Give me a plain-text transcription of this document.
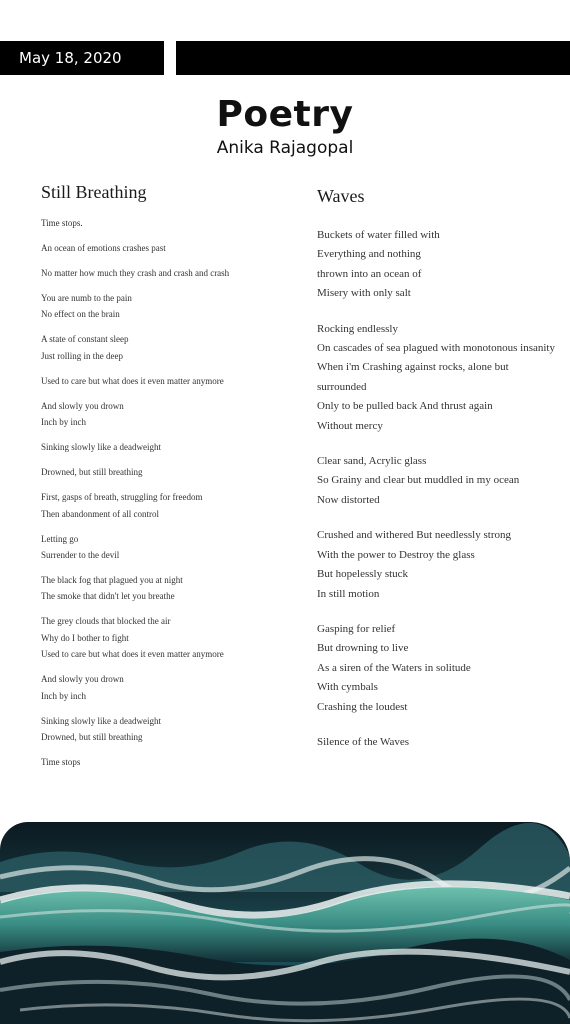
May 18, 2020
Poetry
Anika Rajagopal
Still Breathing
Time stops.
An ocean of emotions crashes past
No matter how much they crash and crash and crash
You are numb to the pain
No effect on the brain
A state of constant sleep
Just rolling in the deep
Used to care but what does it even matter anymore
And slowly you drown
Inch by inch
Sinking slowly like a deadweight
Drowned, but still breathing
First, gasps of breath, struggling for freedom
Then abandonment of all control
Letting go
Surrender to the devil
The black fog that plagued you at night
The smoke that didn't let you breathe
The grey clouds that blocked the air
Why do I bother to fight
Used to care but what does it even matter anymore
And slowly you drown
Inch by inch
Sinking slowly like a deadweight
Drowned, but still breathing
Time stops
Waves
Buckets of water filled with
Everything and nothing
thrown into an ocean of
Misery with only salt
Rocking endlessly
On cascades of sea plagued with monotonous insanity
When i'm Crashing against rocks, alone but surrounded
Only to be pulled back And thrust again
Without mercy
Clear sand, Acrylic glass
So Grainy and clear but muddled in my ocean
Now distorted
Crushed and withered But needlessly strong
With the power to Destroy the glass
But hopelessly stuck
In still motion
Gasping for relief
But drowning to live
As a siren of the Waters in solitude
With cymbals
Crashing the loudest
Silence of the Waves
